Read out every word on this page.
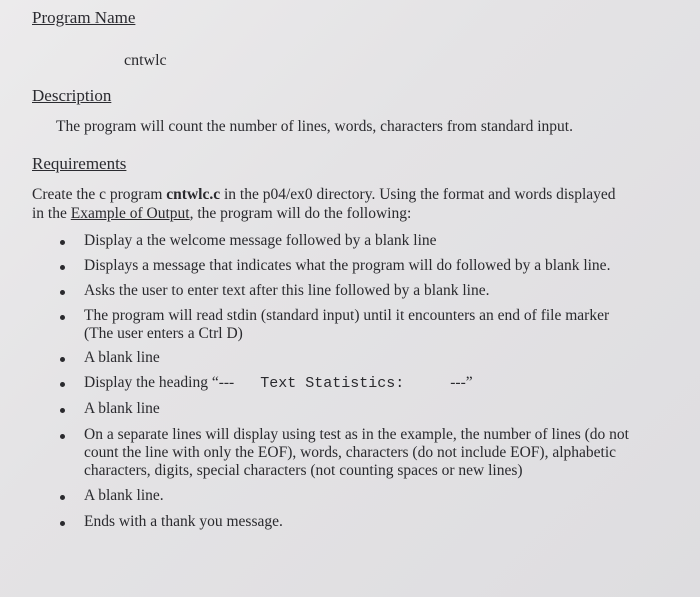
Program Name
cntwlc
Description
The program will count the number of lines, words, characters from standard input.
Requirements
Create the c program cntwlc.c in the p04/ex0 directory. Using the format and words displayed
in the Example of Output, the program will do the following:
Display a the welcome message followed by a blank line
Displays a message that indicates what the program will do followed by a blank line.
Asks the user to enter text after this line followed by a blank line.
The program will read stdin (standard input) until it encounters an end of file marker
(The user enters a Ctrl D)
A blank line
Display the heading “--- Text Statistics:	---”
A blank line
On a separate lines will display using test as in the example, the number of lines (do not
count the line with only the EOF), words, characters (do not include EOF), alphabetic
characters, digits, special characters (not counting spaces or new lines)
A blank line.
Ends with a thank you message.
